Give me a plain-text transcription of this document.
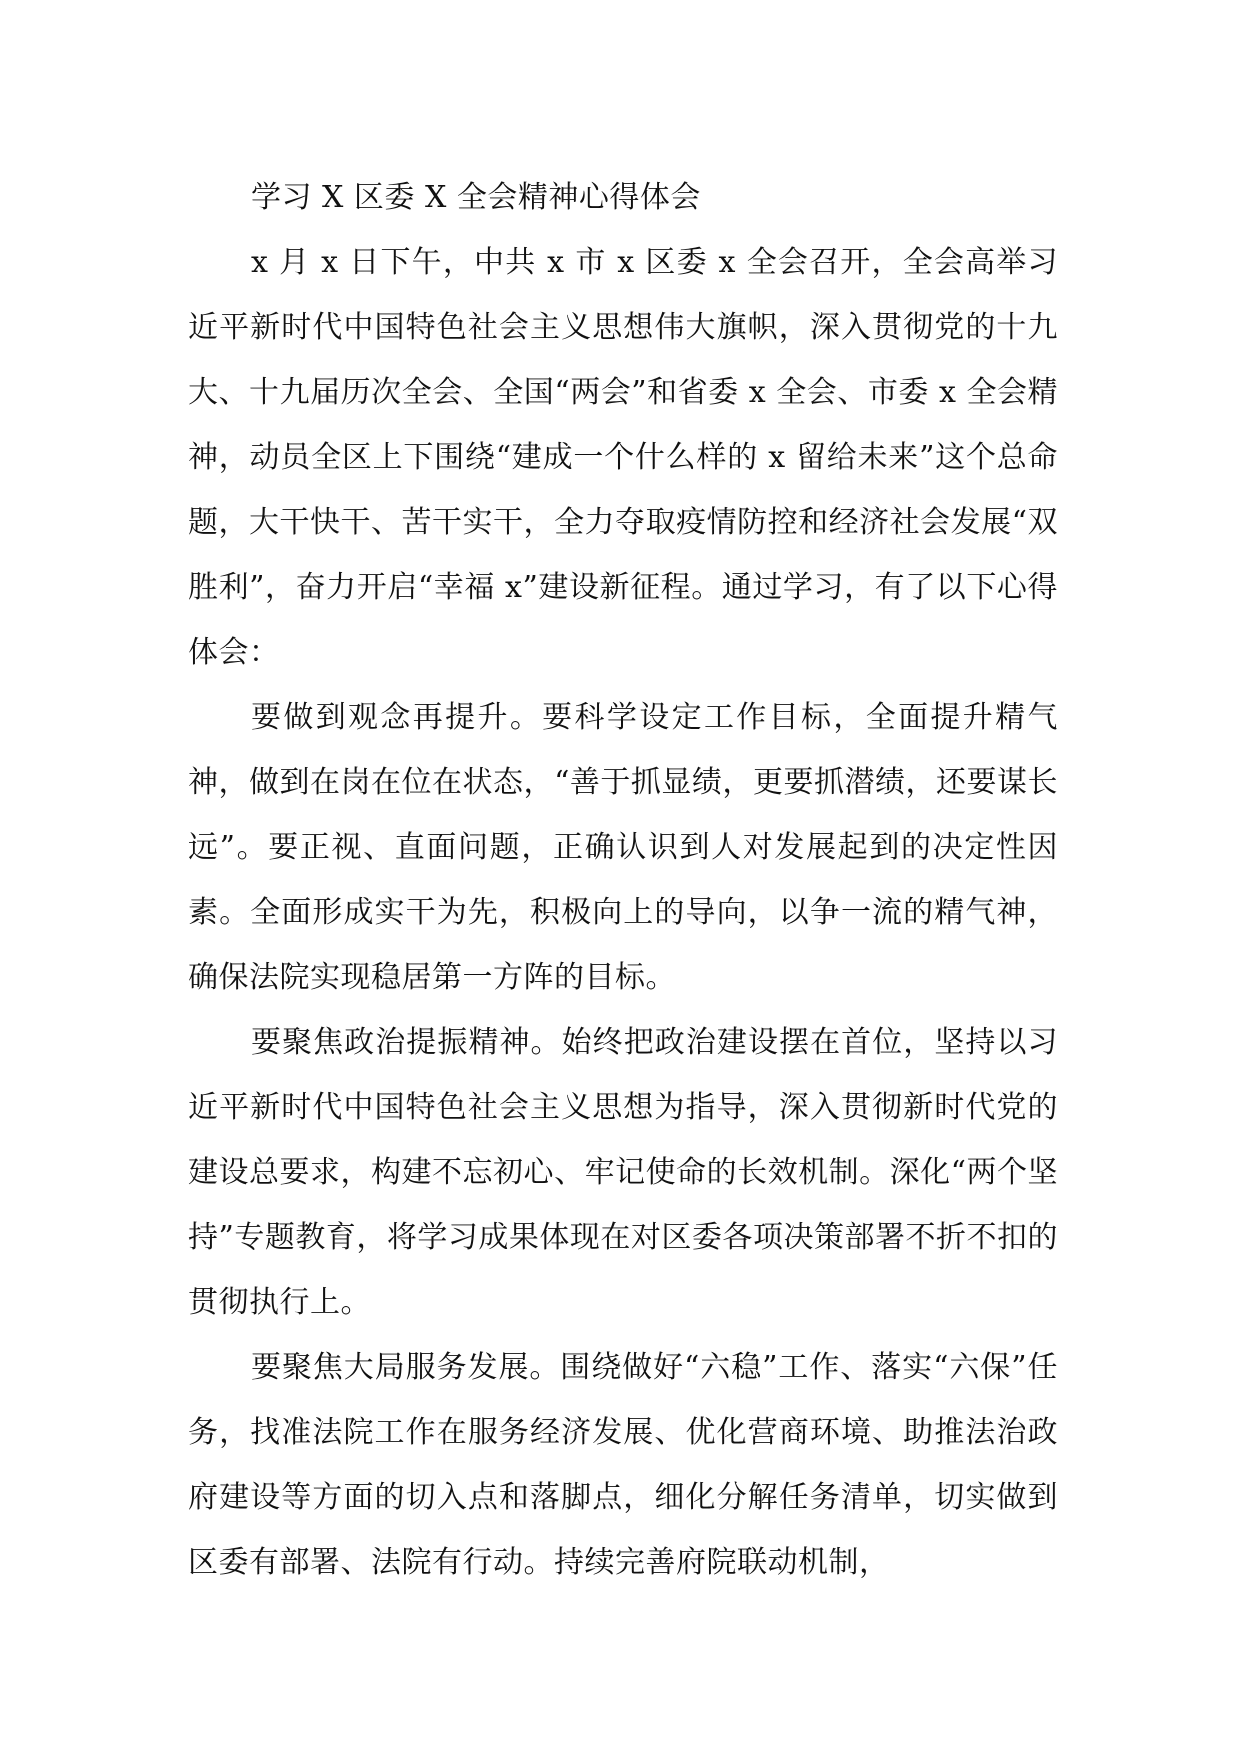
学习 X 区委 X 全会精神心得体会

x 月 x 日下午，中共 x 市 x 区委 x 全会召开，全会高举习近平新时代中国特色社会主义思想伟大旗帜，深入贯彻党的十九大、十九届历次全会、全国“两会”和省委 x 全会、市委 x 全会精神，动员全区上下围绕“建成一个什么样的 x 留给未来”这个总命题，大干快干、苦干实干，全力夺取疫情防控和经济社会发展“双胜利”，奋力开启“幸福 x”建设新征程。通过学习，有了以下心得体会：

要做到观念再提升。要科学设定工作目标，全面提升精气神，做到在岗在位在状态，“善于抓显绩，更要抓潜绩，还要谋长远”。要正视、直面问题，正确认识到人对发展起到的决定性因素。全面形成实干为先，积极向上的导向，以争一流的精气神，确保法院实现稳居第一方阵的目标。

要聚焦政治提振精神。始终把政治建设摆在首位，坚持以习近平新时代中国特色社会主义思想为指导，深入贯彻新时代党的建设总要求，构建不忘初心、牢记使命的长效机制。深化“两个坚持”专题教育，将学习成果体现在对区委各项决策部署不折不扣的贯彻执行上。

要聚焦大局服务发展。围绕做好“六稳”工作、落实“六保”任务，找准法院工作在服务经济发展、优化营商环境、助推法治政府建设等方面的切入点和落脚点，细化分解任务清单，切实做到区委有部署、法院有行动。持续完善府院联动机制，
